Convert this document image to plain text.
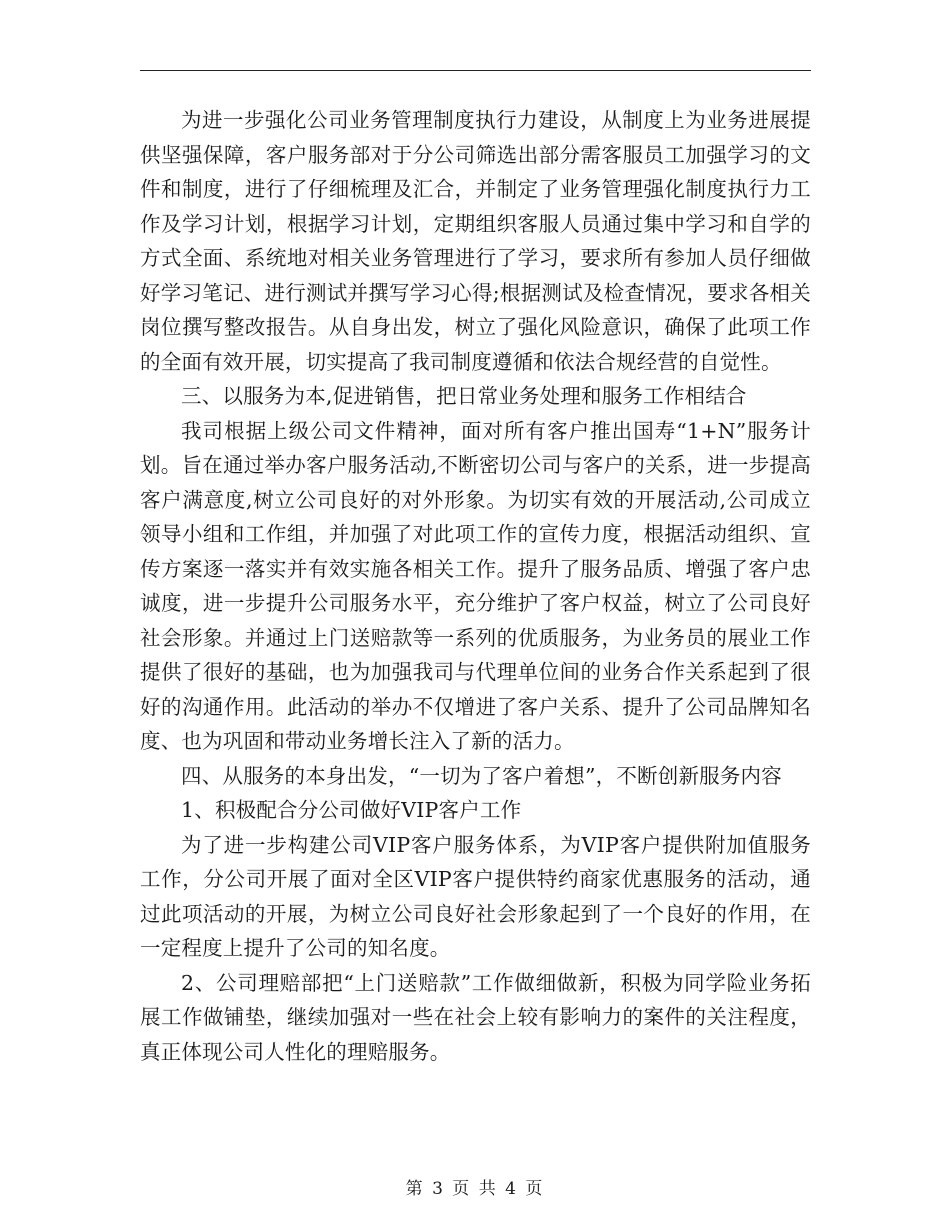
为进一步强化公司业务管理制度执行力建设，从制度上为业务进展提供坚强保障，客户服务部对于分公司筛选出部分需客服员工加强学习的文件和制度，进行了仔细梳理及汇合，并制定了业务管理强化制度执行力工作及学习计划，根据学习计划，定期组织客服人员通过集中学习和自学的方式全面、系统地对相关业务管理进行了学习，要求所有参加人员仔细做好学习笔记、进行测试并撰写学习心得;根据测试及检查情况，要求各相关岗位撰写整改报告。从自身出发，树立了强化风险意识，确保了此项工作的全面有效开展，切实提高了我司制度遵循和依法合规经营的自觉性。

三、以服务为本,促进销售，把日常业务处理和服务工作相结合

我司根据上级公司文件精神，面对所有客户推出国寿“1+N”服务计划。旨在通过举办客户服务活动,不断密切公司与客户的关系，进一步提高客户满意度,树立公司良好的对外形象。为切实有效的开展活动,公司成立领导小组和工作组，并加强了对此项工作的宣传力度，根据活动组织、宣传方案逐一落实并有效实施各相关工作。提升了服务品质、增强了客户忠诚度，进一步提升公司服务水平，充分维护了客户权益，树立了公司良好社会形象。并通过上门送赔款等一系列的优质服务，为业务员的展业工作提供了很好的基础，也为加强我司与代理单位间的业务合作关系起到了很好的沟通作用。此活动的举办不仅增进了客户关系、提升了公司品牌知名度、也为巩固和带动业务增长注入了新的活力。

四、从服务的本身出发，“一切为了客户着想”，不断创新服务内容

1、积极配合分公司做好VIP客户工作

为了进一步构建公司VIP客户服务体系，为VIP客户提供附加值服务工作，分公司开展了面对全区VIP客户提供特约商家优惠服务的活动，通过此项活动的开展，为树立公司良好社会形象起到了一个良好的作用，在一定程度上提升了公司的知名度。

2、公司理赔部把“上门送赔款”工作做细做新，积极为同学险业务拓展工作做铺垫，继续加强对一些在社会上较有影响力的案件的关注程度，真正体现公司人性化的理赔服务。

第 3 页 共 4 页
